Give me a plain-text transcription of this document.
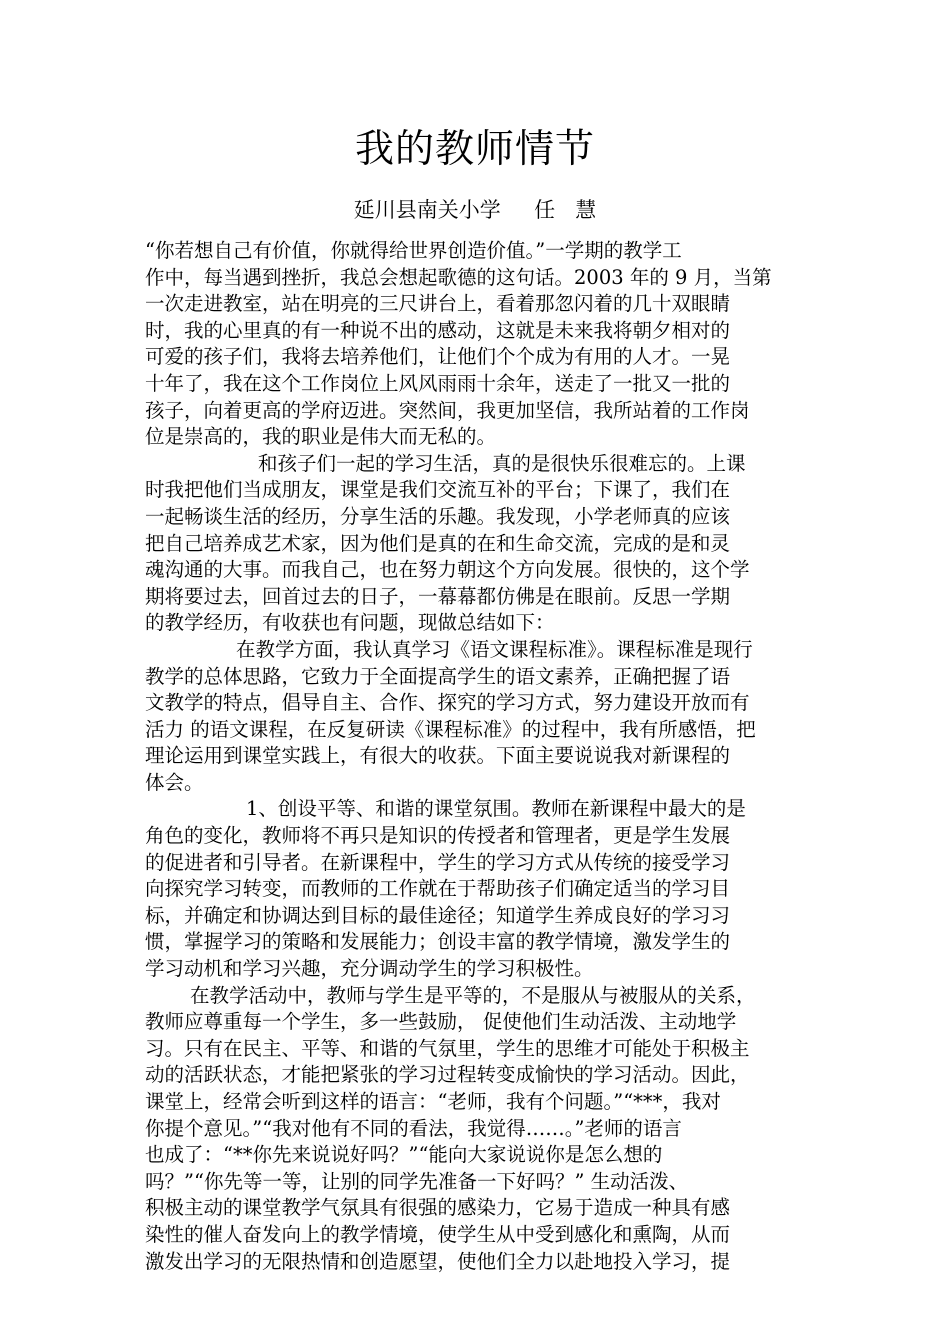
我的教师情节
延川县南关小学     任   慧
“你若想自己有价值，你就得给世界创造价值。”一学期的教学工
作中，每当遇到挫折，我总会想起歌德的这句话。2003 年的 9 月，当第
一次走进教室，站在明亮的三尺讲台上，看着那忽闪着的几十双眼睛
时，我的心里真的有一种说不出的感动，这就是未来我将朝夕相对的
可爱的孩子们，我将去培养他们，让他们个个成为有用的人才。一晃
十年了，我在这个工作岗位上风风雨雨十余年，送走了一批又一批的
孩子，向着更高的学府迈进。突然间，我更加坚信，我所站着的工作岗
位是崇高的，我的职业是伟大而无私的。
和孩子们一起的学习生活，真的是很快乐很难忘的。上课
时我把他们当成朋友，课堂是我们交流互补的平台；下课了，我们在
一起畅谈生活的经历，分享生活的乐趣。我发现，小学老师真的应该
把自己培养成艺术家，因为他们是真的在和生命交流，完成的是和灵
魂沟通的大事。而我自己，也在努力朝这个方向发展。很快的，这个学
期将要过去，回首过去的日子，一幕幕都仿佛是在眼前。反思一学期
的教学经历，有收获也有问题，现做总结如下：
在教学方面，我认真学习《语文课程标准》。课程标准是现行
教学的总体思路，它致力于全面提高学生的语文素养，正确把握了语
文教学的特点，倡导自主、合作、探究的学习方式，努力建设开放而有
活力 的语文课程，在反复研读《课程标准》的过程中，我有所感悟，把
理论运用到课堂实践上，有很大的收获。下面主要说说我对新课程的
体会。
1、创设平等、和谐的课堂氛围。教师在新课程中最大的是
角色的变化，教师将不再只是知识的传授者和管理者，更是学生发展
的促进者和引导者。在新课程中，学生的学习方式从传统的接受学习
向探究学习转变，而教师的工作就在于帮助孩子们确定适当的学习目
标，并确定和协调达到目标的最佳途径；知道学生养成良好的学习习
惯，掌握学习的策略和发展能力；创设丰富的教学情境，激发学生的
学习动机和学习兴趣，充分调动学生的学习积极性。
在教学活动中，教师与学生是平等的，不是服从与被服从的关系，
教师应尊重每一个学生，多一些鼓励， 促使他们生动活泼、主动地学
习。只有在民主、平等、和谐的气氛里，学生的思维才可能处于积极主
动的活跃状态，才能把紧张的学习过程转变成愉快的学习活动。因此，
课堂上，经常会听到这样的语言：“老师，我有个问题。”“***，我对
你提个意见。”“我对他有不同的看法，我觉得……。”老师的语言
也成了：“**你先来说说好吗？”“能向大家说说你是怎么想的
吗？”“你先等一等，让别的同学先准备一下好吗？” 生动活泼、
积极主动的课堂教学气氛具有很强的感染力，它易于造成一种具有感
染性的催人奋发向上的教学情境，使学生从中受到感化和熏陶，从而
激发出学习的无限热情和创造愿望，使他们全力以赴地投入学习，提
